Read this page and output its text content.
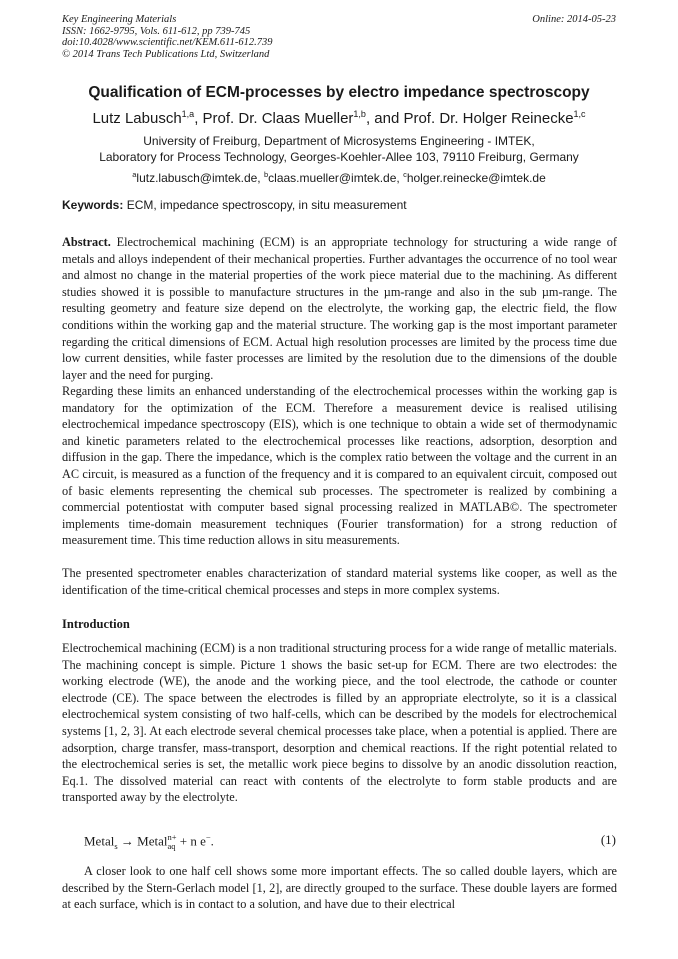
Key Engineering Materials
ISSN: 1662-9795, Vols. 611-612, pp 739-745
doi:10.4028/www.scientific.net/KEM.611-612.739
© 2014 Trans Tech Publications Ltd, Switzerland
Online: 2014-05-23
Qualification of ECM-processes by electro impedance spectroscopy
Lutz Labusch$^{1,a}$, Prof. Dr. Claas Mueller$^{1,b}$, and Prof. Dr. Holger Reinecke$^{1,c}$
University of Freiburg, Department of Microsystems Engineering - IMTEK,
Laboratory for Process Technology, Georges-Koehler-Allee 103, 79110 Freiburg, Germany
$^a$lutz.labusch@imtek.de, $^b$claas.mueller@imtek.de, $^c$holger.reinecke@imtek.de
Keywords: ECM, impedance spectroscopy, in situ measurement

Abstract. Electrochemical machining (ECM) is an appropriate technology for structuring a wide range of metals and alloys independent of their mechanical properties. Further advantages the occurrence of no tool wear and almost no change in the material properties of the work piece material due to the machining. As different studies showed it is possible to manufacture structures in the µm-range and also in the sub µm-range. The resulting geometry and feature size depend on the electrolyte, the working gap, the electric field, the flow conditions within the working gap and the material structure. The working gap is the most important parameter regarding the critical dimensions of ECM. Actual high resolution processes are limited by the process time due low current densities, while faster processes are limited by the resolution due to the dimensions of the double layer and the need for purging.

Regarding these limits an enhanced understanding of the electrochemical processes within the working gap is mandatory for the optimization of the ECM. Therefore a measurement device is realised utilising electrochemical impedance spectroscopy (EIS), which is one technique to obtain a wide set of thermodynamic and kinetic parameters related to the electrochemical processes like reactions, adsorption, desorption and diffusion in the gap. There the impedance, which is the complex ratio between the voltage and the current in an AC circuit, is measured as a function of the frequency and it is compared to an equivalent circuit, composed out of basic elements representing the chemical sub processes. The spectrometer is realized by combining a commercial potentiostat with computer based signal processing realized in MATLAB©. The spectrometer implements time-domain measurement techniques (Fourier transformation) for a strong reduction of measurement time. This time reduction allows in situ measurements.

The presented spectrometer enables characterization of standard material systems like cooper, as well as the identification of the time-critical chemical processes and steps in more complex systems.

Introduction

Electrochemical machining (ECM) is a non traditional structuring process for a wide range of metallic materials. The machining concept is simple. Picture 1 shows the basic set-up for ECM. There are two electrodes: the working electrode (WE), the anode and the working piece, and the tool electrode, the cathode or counter electrode (CE). The space between the electrodes is filled by an appropriate electrolyte, so it is a classical electrochemical system consisting of two half-cells, which can be described by the models for electrochemical systems [1, 2, 3]. At each electrode several chemical processes take place, when a potential is applied. There are adsorption, charge transfer, mass-transport, desorption and chemical reactions. If the right potential related to the electrochemical series is set, the metallic work piece begins to dissolve by an anodic dissolution reaction, Eq.1. The dissolved material can react with contents of the electrolyte to form stable products and are transported away by the electrolyte.

Metal$_s$ → Metal n+
aq + n e−.	(1)

A closer look to one half cell shows some more important effects. The so called double layers, which are described by the Stern-Gerlach model [1, 2], are directly grouped to the surface. These double layers are formed at each surface, which is in contact to a solution, and have due to their electrical
